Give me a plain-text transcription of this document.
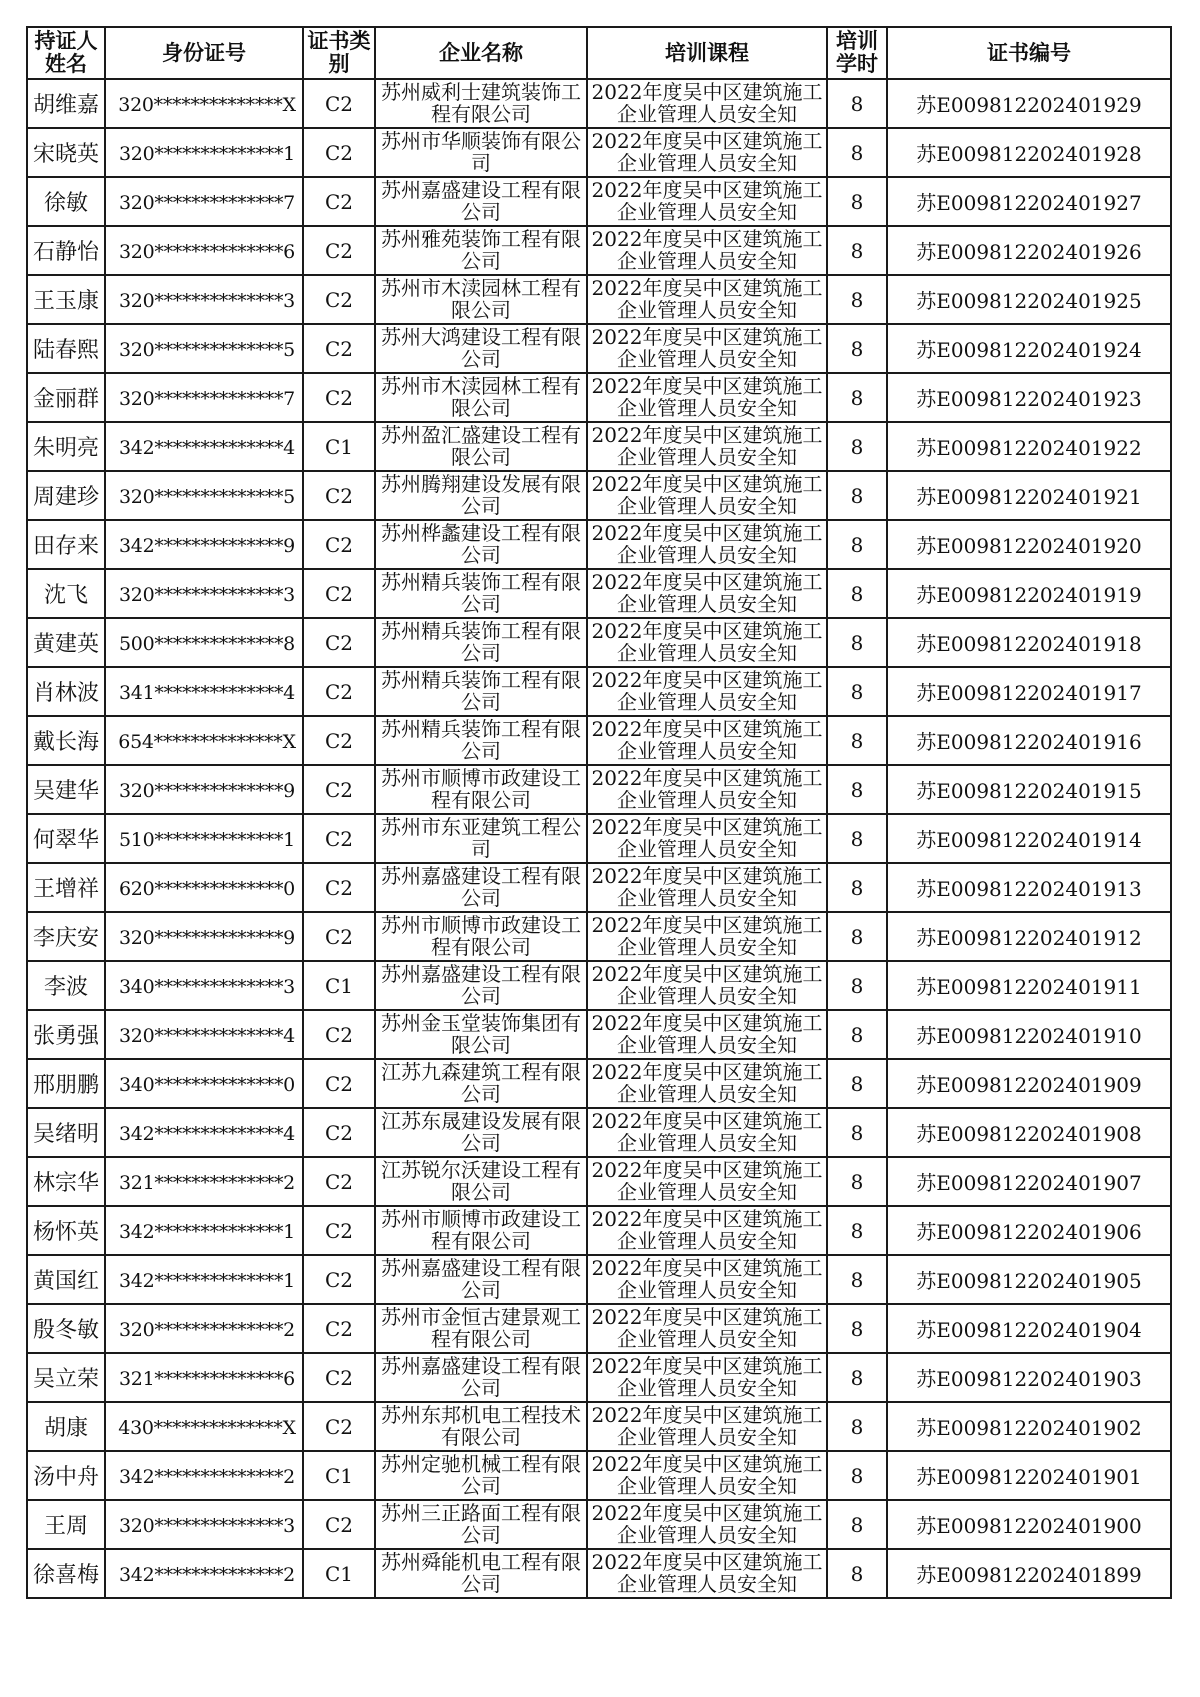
持证人姓名	身份证号	证书类别	企业名称	培训课程	培训学时	证书编号
胡维嘉	320**************X	C2	苏州威利士建筑装饰工程有限公司	2022年度吴中区建筑施工企业管理人员安全知	8	苏E009812202401929
宋晓英	320**************1	C2	苏州市华顺装饰有限公司	2022年度吴中区建筑施工企业管理人员安全知	8	苏E009812202401928
徐敏	320**************7	C2	苏州嘉盛建设工程有限公司	2022年度吴中区建筑施工企业管理人员安全知	8	苏E009812202401927
石静怡	320**************6	C2	苏州雅苑装饰工程有限公司	2022年度吴中区建筑施工企业管理人员安全知	8	苏E009812202401926
王玉康	320**************3	C2	苏州市木渎园林工程有限公司	2022年度吴中区建筑施工企业管理人员安全知	8	苏E009812202401925
陆春熙	320**************5	C2	苏州大鸿建设工程有限公司	2022年度吴中区建筑施工企业管理人员安全知	8	苏E009812202401924
金丽群	320**************7	C2	苏州市木渎园林工程有限公司	2022年度吴中区建筑施工企业管理人员安全知	8	苏E009812202401923
朱明亮	342**************4	C1	苏州盈汇盛建设工程有限公司	2022年度吴中区建筑施工企业管理人员安全知	8	苏E009812202401922
周建珍	320**************5	C2	苏州腾翔建设发展有限公司	2022年度吴中区建筑施工企业管理人员安全知	8	苏E009812202401921
田存来	342**************9	C2	苏州桦蠡建设工程有限公司	2022年度吴中区建筑施工企业管理人员安全知	8	苏E009812202401920
沈飞	320**************3	C2	苏州精兵装饰工程有限公司	2022年度吴中区建筑施工企业管理人员安全知	8	苏E009812202401919
黄建英	500**************8	C2	苏州精兵装饰工程有限公司	2022年度吴中区建筑施工企业管理人员安全知	8	苏E009812202401918
肖林波	341**************4	C2	苏州精兵装饰工程有限公司	2022年度吴中区建筑施工企业管理人员安全知	8	苏E009812202401917
戴长海	654**************X	C2	苏州精兵装饰工程有限公司	2022年度吴中区建筑施工企业管理人员安全知	8	苏E009812202401916
吴建华	320**************9	C2	苏州市顺博市政建设工程有限公司	2022年度吴中区建筑施工企业管理人员安全知	8	苏E009812202401915
何翠华	510**************1	C2	苏州市东亚建筑工程公司	2022年度吴中区建筑施工企业管理人员安全知	8	苏E009812202401914
王增祥	620**************0	C2	苏州嘉盛建设工程有限公司	2022年度吴中区建筑施工企业管理人员安全知	8	苏E009812202401913
李庆安	320**************9	C2	苏州市顺博市政建设工程有限公司	2022年度吴中区建筑施工企业管理人员安全知	8	苏E009812202401912
李波	340**************3	C1	苏州嘉盛建设工程有限公司	2022年度吴中区建筑施工企业管理人员安全知	8	苏E009812202401911
张勇强	320**************4	C2	苏州金玉堂装饰集团有限公司	2022年度吴中区建筑施工企业管理人员安全知	8	苏E009812202401910
邢朋鹏	340**************0	C2	江苏九森建筑工程有限公司	2022年度吴中区建筑施工企业管理人员安全知	8	苏E009812202401909
吴绪明	342**************4	C2	江苏东晟建设发展有限公司	2022年度吴中区建筑施工企业管理人员安全知	8	苏E009812202401908
林宗华	321**************2	C2	江苏锐尔沃建设工程有限公司	2022年度吴中区建筑施工企业管理人员安全知	8	苏E009812202401907
杨怀英	342**************1	C2	苏州市顺博市政建设工程有限公司	2022年度吴中区建筑施工企业管理人员安全知	8	苏E009812202401906
黄国红	342**************1	C2	苏州嘉盛建设工程有限公司	2022年度吴中区建筑施工企业管理人员安全知	8	苏E009812202401905
殷冬敏	320**************2	C2	苏州市金恒古建景观工程有限公司	2022年度吴中区建筑施工企业管理人员安全知	8	苏E009812202401904
吴立荣	321**************6	C2	苏州嘉盛建设工程有限公司	2022年度吴中区建筑施工企业管理人员安全知	8	苏E009812202401903
胡康	430**************X	C2	苏州东邦机电工程技术有限公司	2022年度吴中区建筑施工企业管理人员安全知	8	苏E009812202401902
汤中舟	342**************2	C1	苏州定驰机械工程有限公司	2022年度吴中区建筑施工企业管理人员安全知	8	苏E009812202401901
王周	320**************3	C2	苏州三正路面工程有限公司	2022年度吴中区建筑施工企业管理人员安全知	8	苏E009812202401900
徐喜梅	342**************2	C1	苏州舜能机电工程有限公司	2022年度吴中区建筑施工企业管理人员安全知	8	苏E009812202401899
